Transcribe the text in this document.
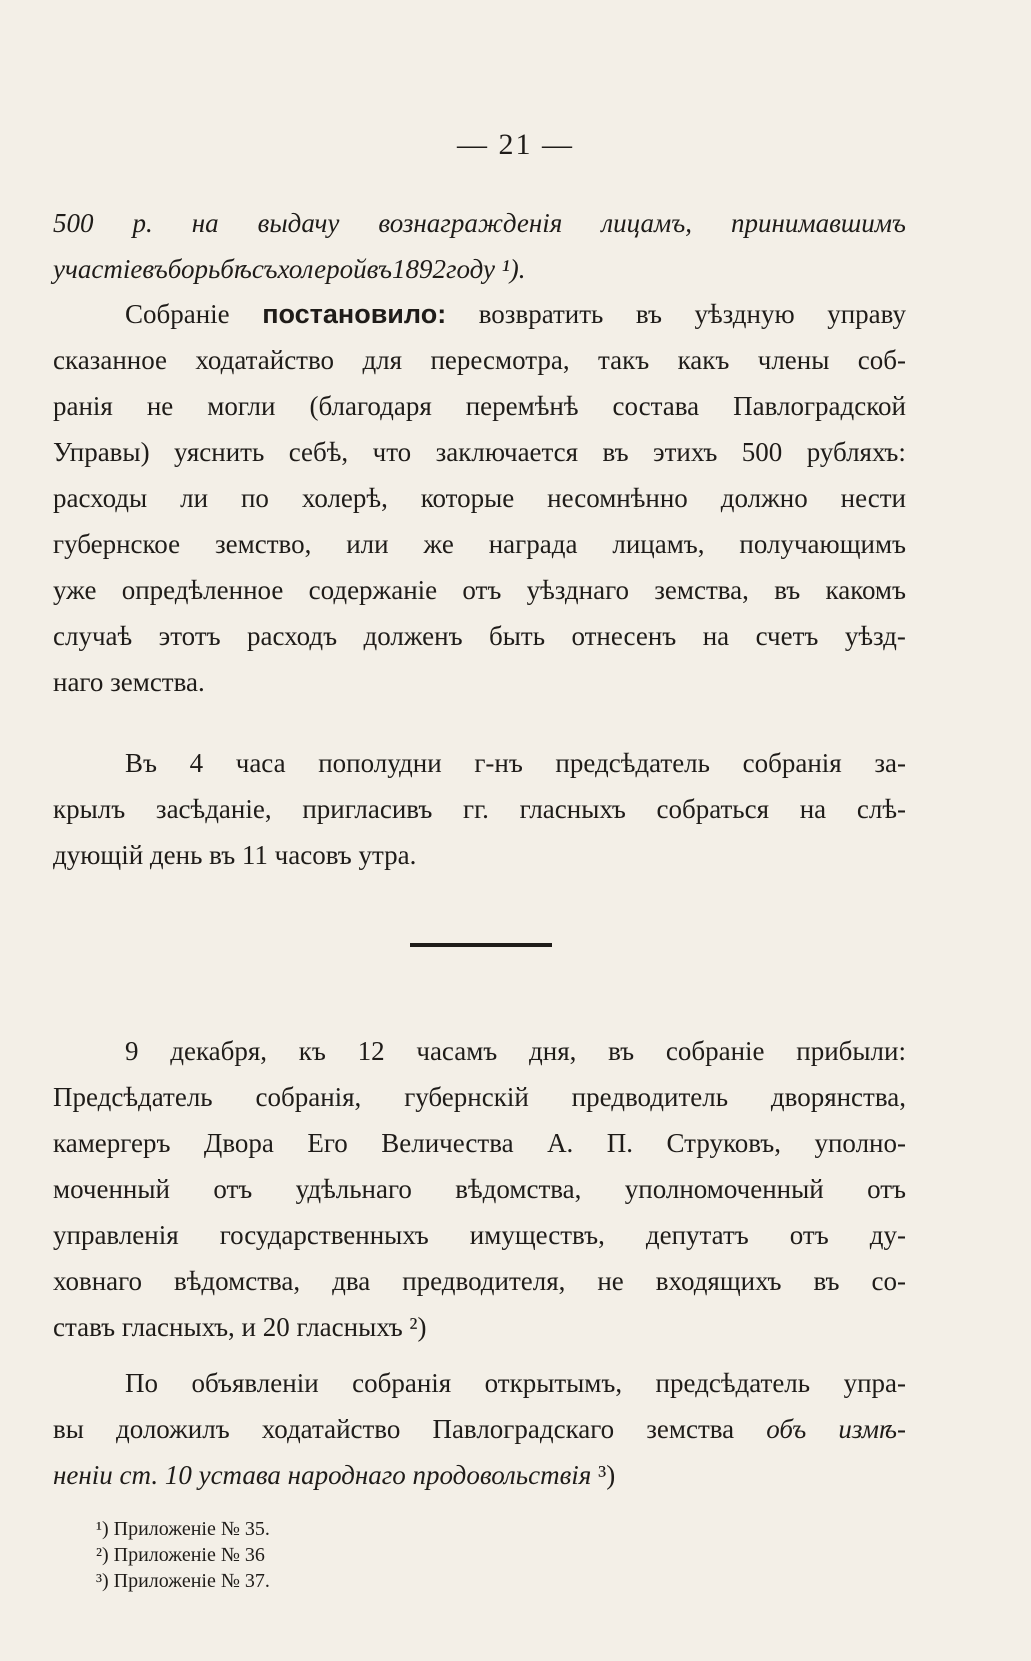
— 21 —
500 р. на выдачу вознагражденія лицамъ, принимавшимъ
участіе въ борьбѣ съ холерой въ 1892 году ¹).
Собраніе постановило: возвратить въ уѣздную управу
сказанное ходатайство для пересмотра, такъ какъ члены соб-
ранія не могли (благодаря перемѣнѣ состава Павлоградской
Управы) уяснить себѣ, что заключается въ этихъ 500 рубляхъ:
расходы ли по холерѣ, которые несомнѣнно должно нести
губернское земство, или же награда лицамъ, получающимъ
уже опредѣленное содержаніе отъ уѣзднаго земства, въ какомъ
случаѣ этотъ расходъ долженъ быть отнесенъ на счетъ уѣзд-
наго земства.
Въ 4 часа пополудни г-нъ предсѣдатель собранія за-
крылъ засѣданіе, пригласивъ гг. гласныхъ собраться на слѣ-
дующій день въ 11 часовъ утра.
9 декабря, къ 12 часамъ дня, въ собраніе прибыли:
Предсѣдатель собранія, губернскій предводитель дворянства,
камергеръ Двора Его Величества А. П. Струковъ, уполно-
моченный отъ удѣльнаго вѣдомства, уполномоченный отъ
управленія государственныхъ имуществъ, депутатъ отъ ду-
ховнаго вѣдомства, два предводителя, не входящихъ въ со-
ставъ гласныхъ, и 20 гласныхъ ²)
По объявленіи собранія открытымъ, предсѣдатель упра-
вы доложилъ ходатайство Павлоградскаго земства объ измѣ-
неніи ст. 10 устава народнаго продовольствія ³)
¹) Приложеніе № 35.
²) Приложеніе № 36
³) Приложеніе № 37.
